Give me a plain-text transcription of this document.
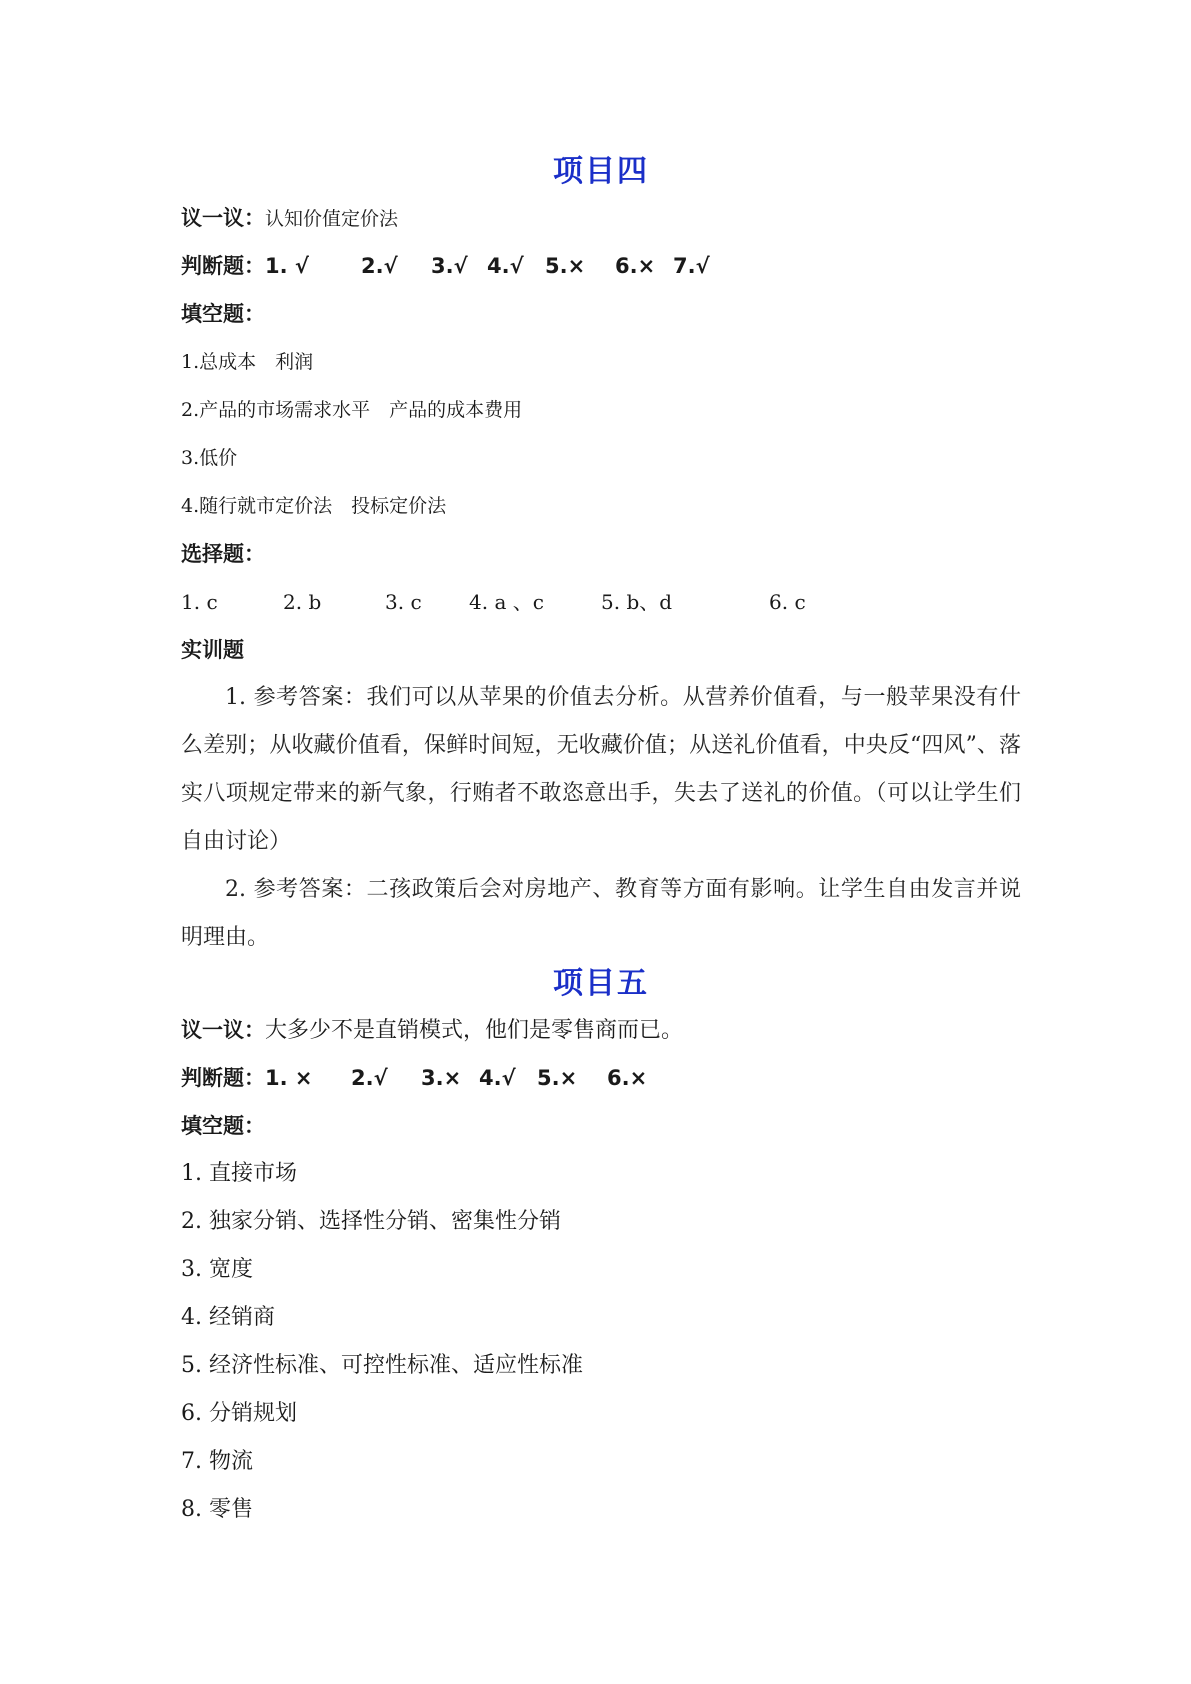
项目四
议一议：认知价值定价法
判断题： 1. √	2.√	3.√ 4.√	5.×	6.× 7.√
填空题：
1.总成本　利润
2.产品的市场需求水平　产品的成本费用
3.低价
4.随行就市定价法　投标定价法
选择题：
1. c	2. b	3. c	4. a 、c	5. b、d	6. c
实训题

1. 参考答案：我们可以从苹果的价值去分析。从营养价值看，与一般苹果没有什么差别；从收藏价值看，保鲜时间短，无收藏价值；从送礼价值看，中央反“四风”、落实八项规定带来的新气象，行贿者不敢恣意出手，失去了送礼的价值。（可以让学生们自由讨论）

2. 参考答案：二孩政策后会对房地产、教育等方面有影响。让学生自由发言并说明理由。

项目五
议一议：大多少不是直销模式，他们是零售商而已。
判断题： 1. ×	2.√	3.× 4.√	5.×	6.×
填空题：
1. 直接市场
2. 独家分销、选择性分销、密集性分销
3. 宽度
4. 经销商
5. 经济性标准、可控性标准、适应性标准
6. 分销规划
7. 物流
8. 零售
